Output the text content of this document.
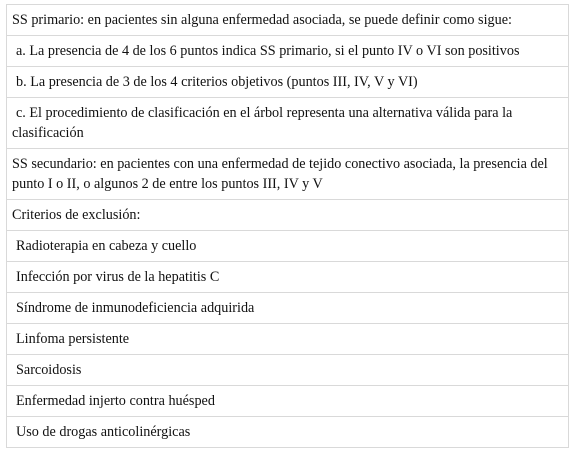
SS primario: en pacientes sin alguna enfermedad asociada, se puede definir como sigue:
a. La presencia de 4 de los 6 puntos indica SS primario, si el punto IV o VI son positivos
b. La presencia de 3 de los 4 criterios objetivos (puntos III, IV, V y VI)
c. El procedimiento de clasificación en el árbol representa una alternativa válida para la clasificación
SS secundario: en pacientes con una enfermedad de tejido conectivo asociada, la presencia del punto I o II, o algunos 2 de entre los puntos III, IV y V
Criterios de exclusión:
Radioterapia en cabeza y cuello
Infección por virus de la hepatitis C
Síndrome de inmunodeficiencia adquirida
Linfoma persistente
Sarcoidosis
Enfermedad injerto contra huésped
Uso de drogas anticolinérgicas
